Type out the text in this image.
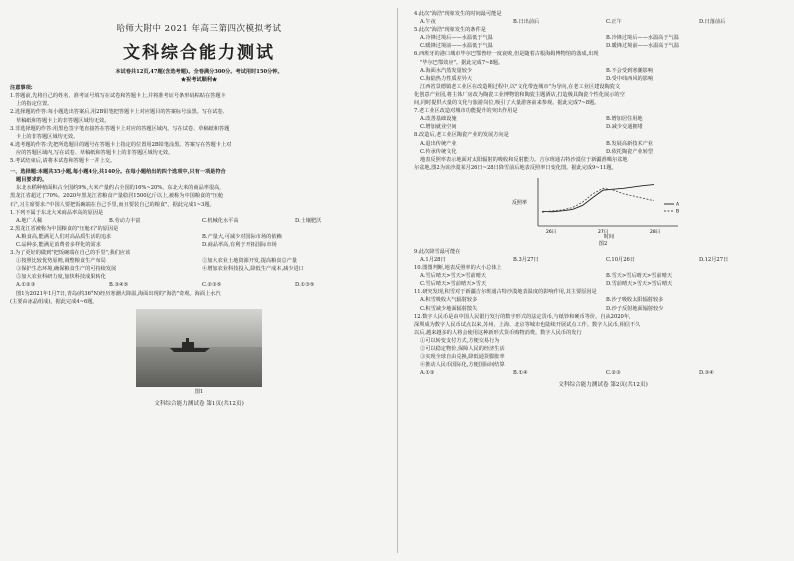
哈师大附中 2021 年高三第四次模拟考试
文科综合能力测试
本试卷共12页,47题(含选考题)。全卷满分300分。考试用时150分钟。
★祝考试顺利★
注意事项:
1.答题前,先将自己的姓名、准考证号填写在试卷和答题卡上,并将准考证号条形码粘贴在答题卡
上的指定位置。
2.选择题的作答:每小题选出答案后,用2B铅笔把答题卡上对应题目的答案标号涂黑。写在试卷、
草稿纸和答题卡上的非答题区域均无效。
3.非选择题的作答:用黑色签字笔直接答在答题卡上对应的答题区域内。写在试卷、草稿纸和答题
卡上的非答题区域均无效。
4.选考题的作答:先把所选题目的题号在答题卡上指定的位置用2B铅笔涂黑。答案写在答题卡上对
应的答题区域内,写在试卷、草稿纸和答题卡上的非答题区域均无效。
5.考试结束后,请将本试卷和答题卡一并上交。
一、选择题:本题共35小题,每小题4分,共140分。在每小题给出的四个选项中,只有一项是符合
题目要求的。
东北水稻种植面积占全国约9%,大米产量约占全国的16%~20%。东北大米的商品率很高,
黑龙江省超过了70%。2020年黑龙江省粮食产量稳居1500亿斤以上,被称为中国粮食的"压舱
石",习主席要求:"中国人要把饭碗端在自己手里,而且要装自己的粮食"。据此完成1~3题。
1.下列不属于东北大米商品率高的原因是
A.地广人稀	B.劳动力丰富	C.机械化水平高	D.土壤肥沃
2.黑龙江省被称为中国粮食的"压舱石"的原因是
A.粮食高,能满足人们对高品质生活的追求	B.产量大,可减少对国际市场的依赖
C.品种多,能满足消费者多样化的需求	D.商品率高,有利于开拓国际市场
3.为了更好的做到"把饭碗端在自己的手里",我们应该
①按照比较优势原则,调整粮食生产布局	②加大农业土地资源开发,提高粮食总产量
③保护生态环境,确保粮食生产的可持续发展	④增加农业科技投入,降低生产成本,减少进口
⑤加大农业科研力度,加快科技成果转化
A.①②③	B.③④⑤	C.②③⑤	D.①③⑤
图1为2021年1月7日,青岛(约36°N)经历寒潮大降温,海面出现的"海浩"奇观。海面上水汽
(主要由冰晶组成)。据此完成4~6题。
图1
文科综合能力测试卷 第1页(共12页)
4.此次"海浩"现象发生的时间最可能是
A.午夜	B.日出前后	C.正午	D.日落前后
5.此次"海浩"现象发生的条件是
A.冷锋过境后——水温低于气温	B.冷锋过境后——水温高于气温
C.暖锋过境前——水温低于气温	D.暖锋过境前——水温高于气温
6.西班牙的港口城市毕尔巴鄂曾经一度衰败,但是随着古根海姆博物馆的落成,出现
"毕尔巴鄂效应"。据此完成7~8题。
A.海面水汽蒸发量较少	B.不会受到寒潮影响
C.海陆热力性质差异大	D.受中纬西风的影响
江西省景德镇老工业区在改造期过程中,以"文化带连城市"为导向,在老工业区建设陶瓷文
化创意产业园,将主体厂房改为陶瓷工业博物馆和陶瓷主题酒店,打造极具陶瓷个性化展示的空
间,同时提供大量的文化与旅游岗位,吸引了大量游客前来参观。据此完成7~8题。
7.老工业区改造对城市功能提升的突出作用是
A.改善基础设施	B.增加居住用地
C.增加就业空间	D.减少交通拥堵
8.改造后,老工业区陶瓷产业的发展方向是
A.退出传统产业	B.发展高新技术产业
C.传承传统文化	D.依托陶瓷产业转型
地表反照率表示地面对太阳辐射的吸收和反射能力。吉尔班通古特沙漠位于新疆准噶尔盆地
尔盆地,图2为该沙漠某月26日~28日降雪前后地表反照率日变化图。据此完成9~11题。
反照率
时间
26日	27日	28日
A
B
图2
9.此次降雪最可能在
A.1月28日	B.3月27日	C.10月26日	D.12月27日
10.图图判断,地表反照率的大小总体上
A.雪后晴天>雪天>雪前晴天	B.雪天>雪后晴天>雪前晴天
C.雪后晴天>雪前晴天>雪天	D.雪前晴天>雪天>雪后晴天
11.研究发现,积雪对于新疆吉尔班通古特沙漠地表温度的影响作用,其主要原因是
A.积雪吸收大气辐射较多	B.沙子吸收太阳辐射较多
C.积雪减少地面辐射散失	D.沙子反射地面辐射较少
12.数字人民币是由中国人民银行发行的数字形式的法定货币,与纸钞和硬币等价。自从2020年,
深圳成为数字人民币试点以来,苏州、上海、北京等城市也陆续开展试点工作。数字人民币,相信不久
以后,越来越多的人将会使用这种新形式货币购物消费。数字人民币的发行
①可以转变支付方式,方便交易行为
②可以稳定物价,保障人民的经济生活
③实现全球自由兑换,降低通货膨胀率
④推动人民币国际化,方便国际间结算
A.①②	B.①④	C.②③	D.③④
文科综合能力测试卷 第2页(共12页)
